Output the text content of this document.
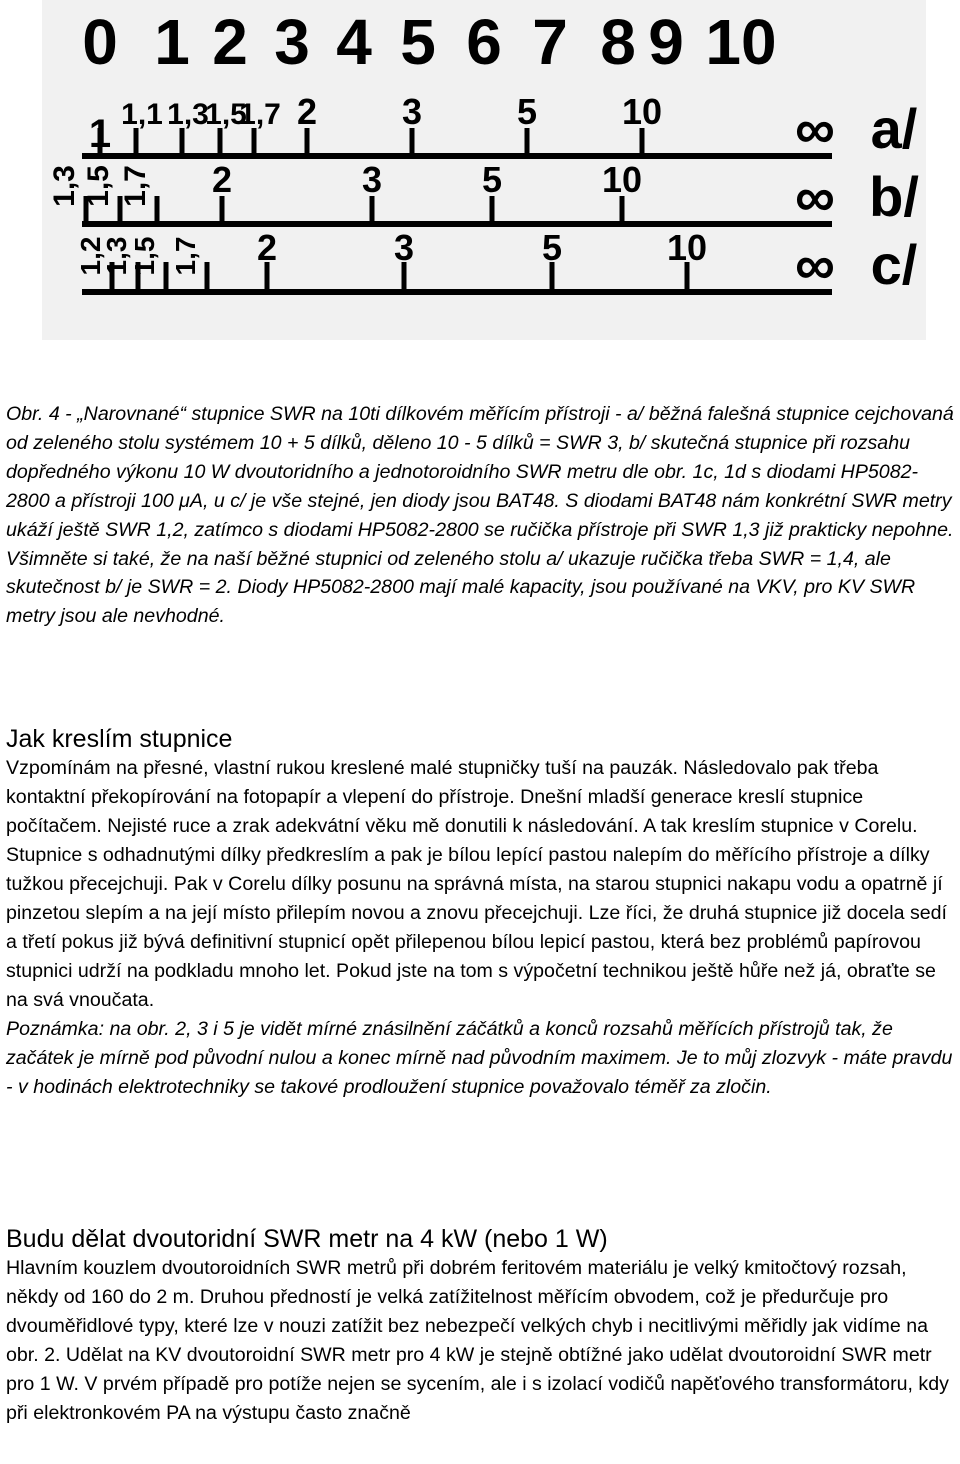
0 1 2 3 4 5 6 7 8 9 10
1 1,1 1,3
1,5
1,7 2 3	5 10 ∞ a/
1,3 1,5 1,7 2	3	5	10	∞ b/
1,2
1,3
1,5 1,7 2	3	5	10 ∞ c/
Obr. 4 - „Narovnané“ stupnice SWR na 10ti dílkovém měřícím přístroji - a/ běžná falešná stupnice cejchovaná od zeleného stolu systémem 10 + 5 dílků, děleno 10 - 5 dílků = SWR 3, b/ skutečná stupnice při rozsahu dopředného výkonu 10 W dvoutoridního a jednotoroidního SWR metru dle obr. 1c, 1d s diodami HP5082-2800 a přístroji 100 μA, u c/ je vše stejné, jen diody jsou BAT48. S diodami BAT48 nám konkrétní SWR metry ukáží ještě SWR 1,2, zatímco s diodami HP5082-2800 se ručička přístroje při SWR 1,3 již prakticky nepohne. Všimněte si také, že na naší běžné stupnici od zeleného stolu a/ ukazuje ručička třeba SWR = 1,4, ale skutečnost b/ je SWR = 2. Diody HP5082-2800 mají malé kapacity, jsou používané na VKV, pro KV SWR metry jsou ale nevhodné.
Jak kreslím stupnice

Vzpomínám na přesné, vlastní rukou kreslené malé stupničky tuší na pauzák. Následovalo pak třeba kontaktní překopírování na fotopapír a vlepení do přístroje. Dnešní mladší generace kreslí stupnice počítačem. Nejisté ruce a zrak adekvátní věku mě donutili k následování. A tak kreslím stupnice v Corelu. Stupnice s odhadnutými dílky předkreslím a pak je bílou lepící pastou nalepím do měřícího přístroje a dílky tužkou přecejchuji. Pak v Corelu dílky posunu na správná místa, na starou stupnici nakapu vodu a opatrně jí pinzetou slepím a na její místo přilepím novou a znovu přecejchuji. Lze říci, že druhá stupnice již docela sedí a třetí pokus již bývá definitivní stupnicí opět přilepenou bílou lepicí pastou, která bez problémů papírovou stupnici udrží na podkladu mnoho let. Pokud jste na tom s výpočetní technikou ještě hůře než já, obraťte se na svá vnoučata.

Poznámka: na obr. 2, 3 i 5 je vidět mírné znásilnění záčátků a konců rozsahů měřících přístrojů tak, že začátek je mírně pod původní nulou a konec mírně nad původním maximem. Je to můj zlozvyk - máte pravdu - v hodinách elektrotechniky se takové prodloužení stupnice považovalo téměř za zločin.

Budu dělat dvoutoridní SWR metr na 4 kW (nebo 1 W)

Hlavním kouzlem dvoutoroidních SWR metrů při dobrém feritovém materiálu je velký kmitočtový rozsah, někdy od 160 do 2 m. Druhou předností je velká zatížitelnost měřícím obvodem, což je předurčuje pro dvouměřidlové typy, které lze v nouzi zatížit bez nebezpečí velkých chyb i necitlivými měřidly jak vidíme na obr. 2. Udělat na KV dvoutoroidní SWR metr pro 4 kW je stejně obtížné jako udělat dvoutoroidní SWR metr pro 1 W. V prvém případě pro potíže nejen se sycením, ale i s izolací vodičů napěťového transformátoru, kdy při elektronkovém PA na výstupu často značně
